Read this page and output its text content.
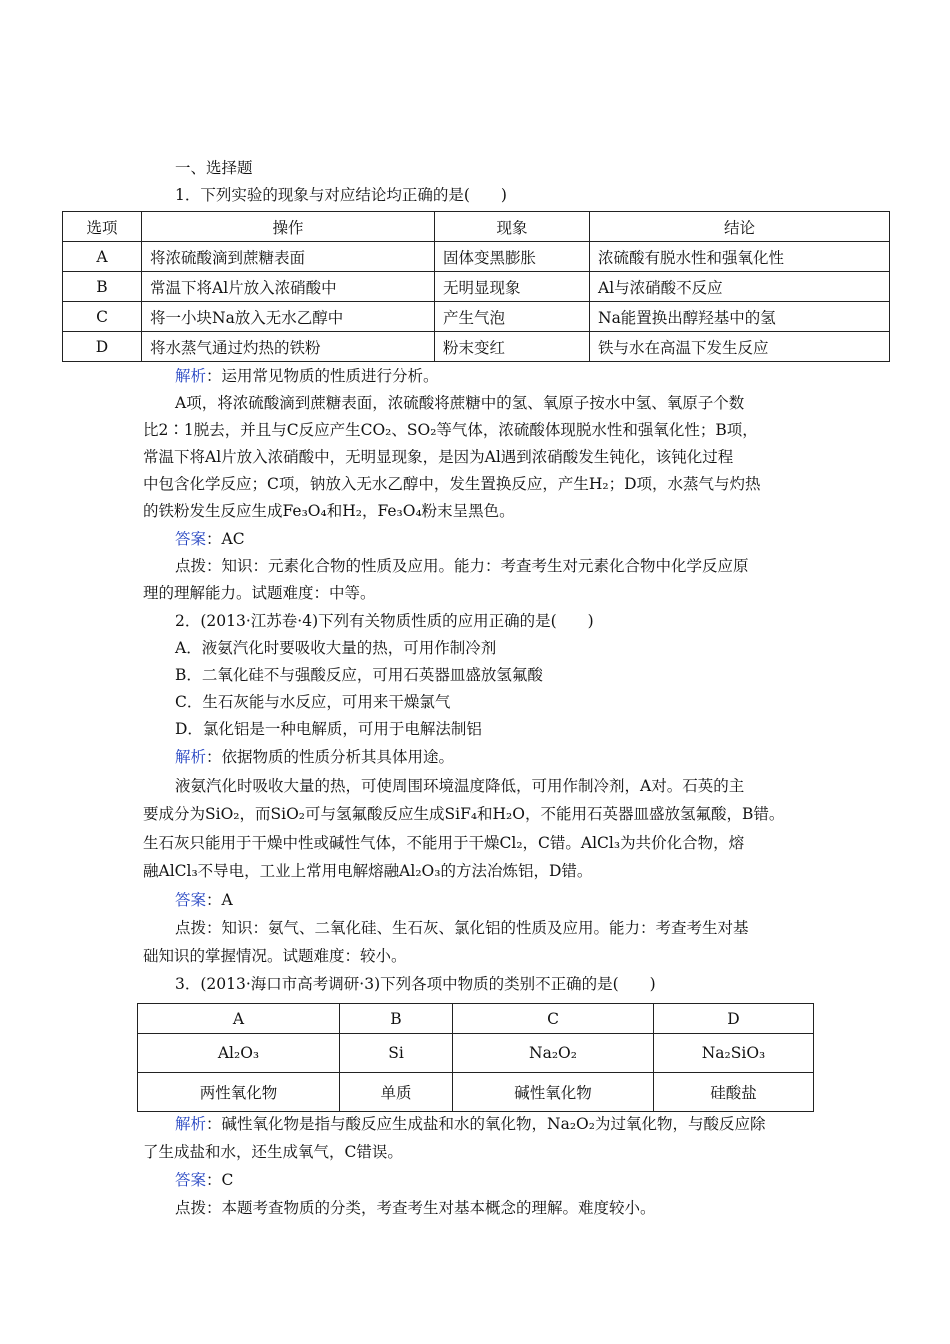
一、选择题
1．下列实验的现象与对应结论均正确的是(　　)
选项	操作	现象	结论
A	将浓硫酸滴到蔗糖表面	固体变黑膨胀	浓硫酸有脱水性和强氧化性
B	常温下将Al片放入浓硝酸中	无明显现象	Al与浓硝酸不反应
C	将一小块Na放入无水乙醇中	产生气泡	Na能置换出醇羟基中的氢
D	将水蒸气通过灼热的铁粉	粉末变红	铁与水在高温下发生反应
解析：运用常见物质的性质进行分析。
A项，将浓硫酸滴到蔗糖表面，浓硫酸将蔗糖中的氢、氧原子按水中氢、氧原子个数
比2∶1脱去，并且与C反应产生CO₂、SO₂等气体，浓硫酸体现脱水性和强氧化性；B项，
常温下将Al片放入浓硝酸中，无明显现象，是因为Al遇到浓硝酸发生钝化，该钝化过程
中包含化学反应；C项，钠放入无水乙醇中，发生置换反应，产生H₂；D项，水蒸气与灼热
的铁粉发生反应生成Fe₃O₄和H₂，Fe₃O₄粉末呈黑色。
答案：AC
点拨：知识：元素化合物的性质及应用。能力：考查考生对元素化合物中化学反应原
理的理解能力。试题难度：中等。
2．(2013·江苏卷·4)下列有关物质性质的应用正确的是(　　)
A．液氨汽化时要吸收大量的热，可用作制冷剂
B．二氧化硅不与强酸反应，可用石英器皿盛放氢氟酸
C．生石灰能与水反应，可用来干燥氯气
D．氯化铝是一种电解质，可用于电解法制铝
解析：依据物质的性质分析其具体用途。
液氨汽化时吸收大量的热，可使周围环境温度降低，可用作制冷剂，A对。石英的主
要成分为SiO₂，而SiO₂可与氢氟酸反应生成SiF₄和H₂O，不能用石英器皿盛放氢氟酸，B错。
生石灰只能用于干燥中性或碱性气体，不能用于干燥Cl₂，C错。AlCl₃为共价化合物，熔
融AlCl₃不导电，工业上常用电解熔融Al₂O₃的方法冶炼铝，D错。
答案：A
点拨：知识：氨气、二氧化硅、生石灰、氯化铝的性质及应用。能力：考查考生对基
础知识的掌握情况。试题难度：较小。
3．(2013·海口市高考调研·3)下列各项中物质的类别不正确的是(　　)
A	B	C	D
Al₂O₃	Si	Na₂O₂	Na₂SiO₃
两性氧化物	单质	碱性氧化物	硅酸盐
解析：碱性氧化物是指与酸反应生成盐和水的氧化物，Na₂O₂为过氧化物，与酸反应除
了生成盐和水，还生成氧气，C错误。
答案：C
点拨：本题考查物质的分类，考查考生对基本概念的理解。难度较小。
